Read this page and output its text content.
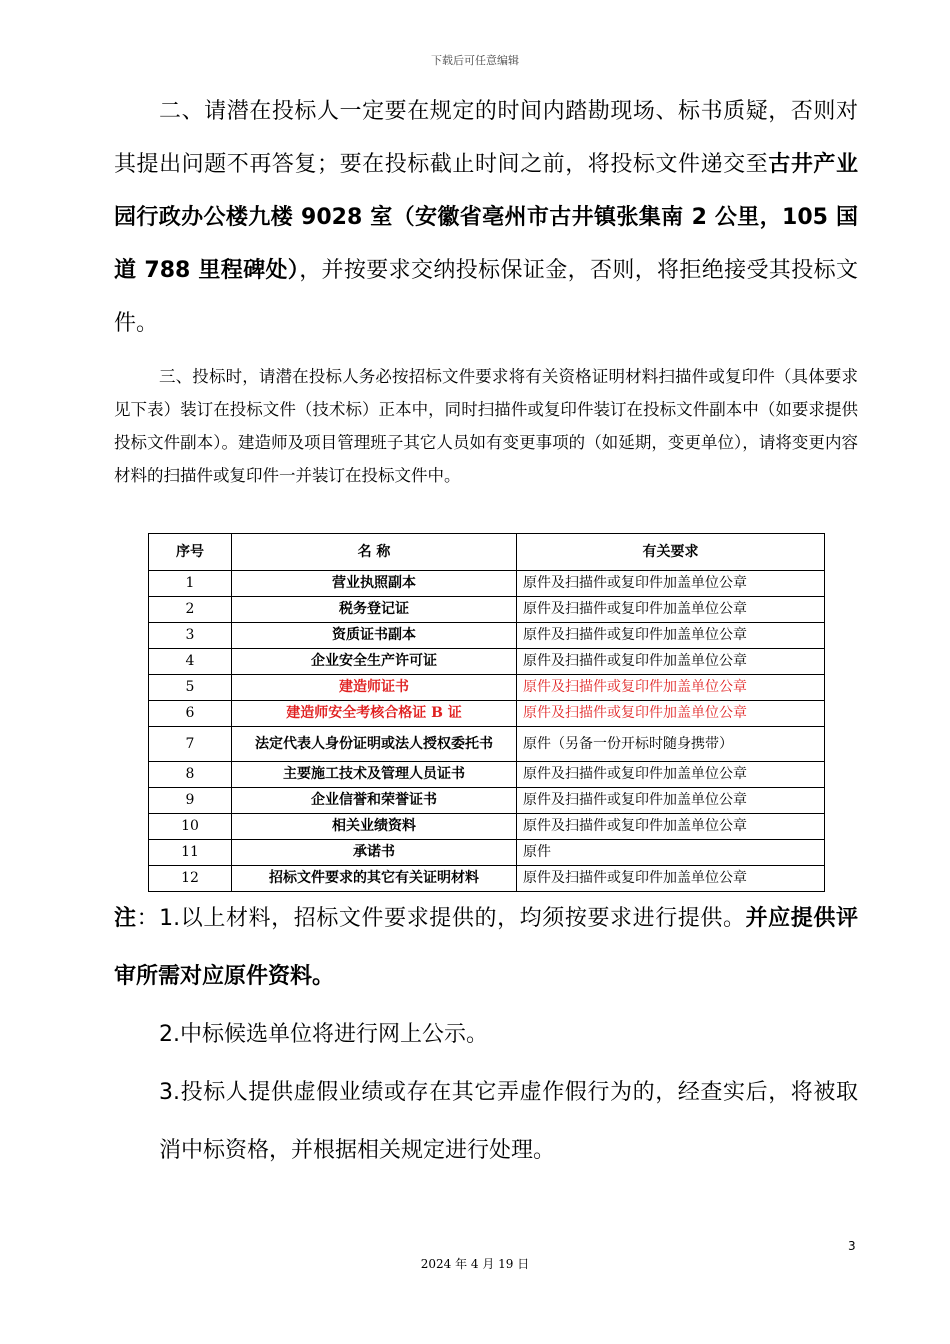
下载后可任意编辑
二、请潜在投标人一定要在规定的时间内踏勘现场、标书质疑，否则对其提出问题不再答复；要在投标截止时间之前，将投标文件递交至古井产业园行政办公楼九楼 9028 室（安徽省亳州市古井镇张集南 2 公里，105 国道 788 里程碑处），并按要求交纳投标保证金，否则，将拒绝接受其投标文件。
三、投标时，请潜在投标人务必按招标文件要求将有关资格证明材料扫描件或复印件（具体要求见下表）装订在投标文件（技术标）正本中，同时扫描件或复印件装订在投标文件副本中（如要求提供投标文件副本）。建造师及项目管理班子其它人员如有变更事项的（如延期，变更单位），请将变更内容材料的扫描件或复印件一并装订在投标文件中。
序号	名 称	有关要求
1	营业执照副本	原件及扫描件或复印件加盖单位公章
2	税务登记证	原件及扫描件或复印件加盖单位公章
3	资质证书副本	原件及扫描件或复印件加盖单位公章
4	企业安全生产许可证	原件及扫描件或复印件加盖单位公章
5	建造师证书	原件及扫描件或复印件加盖单位公章
6	建造师安全考核合格证 B 证	原件及扫描件或复印件加盖单位公章
7	法定代表人身份证明或法人授权委托书	原件（另备一份开标时随身携带）
8	主要施工技术及管理人员证书	原件及扫描件或复印件加盖单位公章
9	企业信誉和荣誉证书	原件及扫描件或复印件加盖单位公章
10	相关业绩资料	原件及扫描件或复印件加盖单位公章
11	承诺书	原件
12	招标文件要求的其它有关证明材料	原件及扫描件或复印件加盖单位公章
注：1.以上材料，招标文件要求提供的，均须按要求进行提供。并应提供评审所需对应原件资料。
2.中标候选单位将进行网上公示。
3.投标人提供虚假业绩或存在其它弄虚作假行为的，经查实后，将被取消中标资格，并根据相关规定进行处理。
3
2024 年 4 月 19 日
